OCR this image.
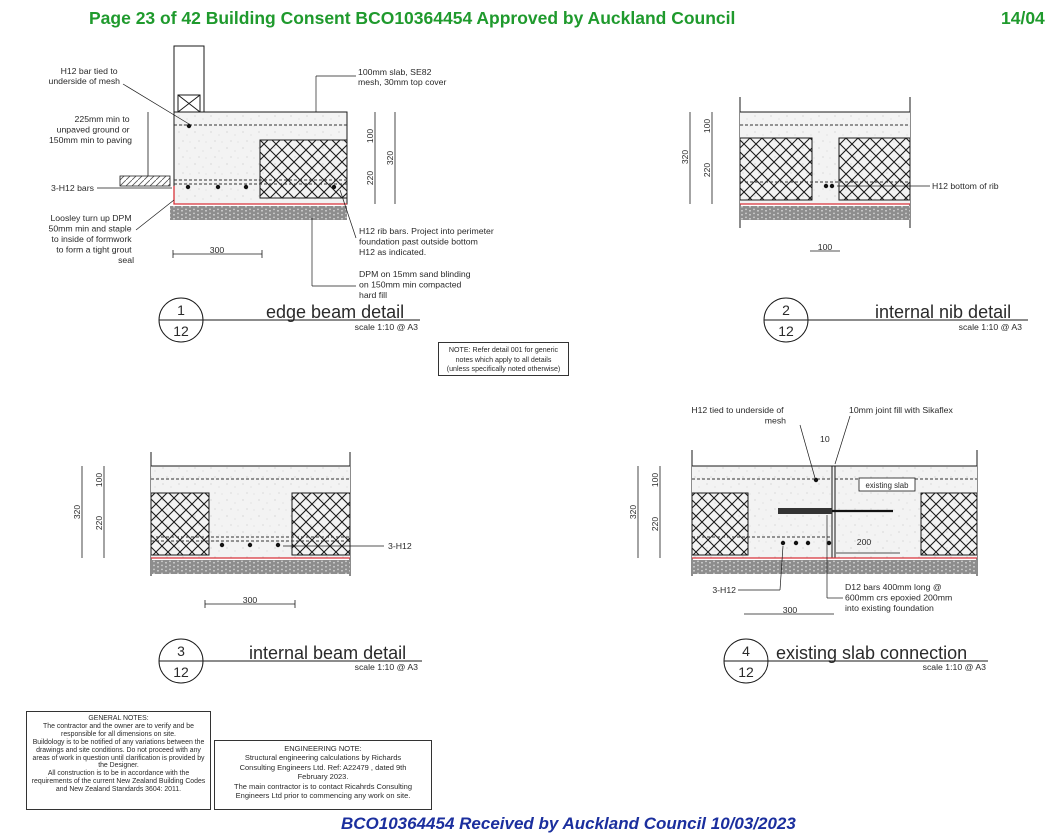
Page 23 of 42 Building Consent BCO10364454 Approved by Auckland Council	14/04
H12 bar tied to underside of mesh
100mm slab, SE82 mesh, 30mm top cover
225mm min to unpaved ground or 150mm min to paving
3-H12 bars
Loosley turn up DPM 50mm min and staple to inside of formwork to form a tight grout seal
H12 rib bars. Project into perimeter foundation past outside bottom H12 as indicated.
DPM on 15mm sand blinding on 150mm min compacted hard fill
100
220
320
300
1
12
edge beam detail
scale 1:10 @ A3
H12 bottom of rib
100
220
320
100
2
12
internal nib detail
scale 1:10 @ A3
3-H12
100
220
320
300
3
12
internal beam detail
scale 1:10 @ A3
H12 tied to underside of mesh
10mm joint fill with Sikaflex
10
existing slab
200
3-H12	D12 bars 400mm long @ 600mm crs epoxied 200mm into existing foundation
100
220
320
300
4
12
existing slab connection
scale 1:10 @ A3
NOTE: Refer detail 001 for generic
notes which apply to all details
(unless specifically noted otherwise)
GENERAL NOTES:
The contractor and the owner are to verify and be
responsible for all dimensions on site.
Buildology is to be notified of any variations between the
drawings and site conditions. Do not proceed with any
areas of work in question until clarification is provided by
the Designer.
All construction is to be in accordance with the
requirements of the current New Zealand Building Codes
and New Zealand Standards 3604: 2011.
ENGINEERING NOTE:
Structural engineering calculations by Richards
Consulting Engineers Ltd. Ref: A22479 , dated 9th
February 2023.
The main contractor is to contact Ricahrds Consulting
Engineers Ltd prior to commencing any work on site.
BCO10364454 Received by Auckland Council 10/03/2023
